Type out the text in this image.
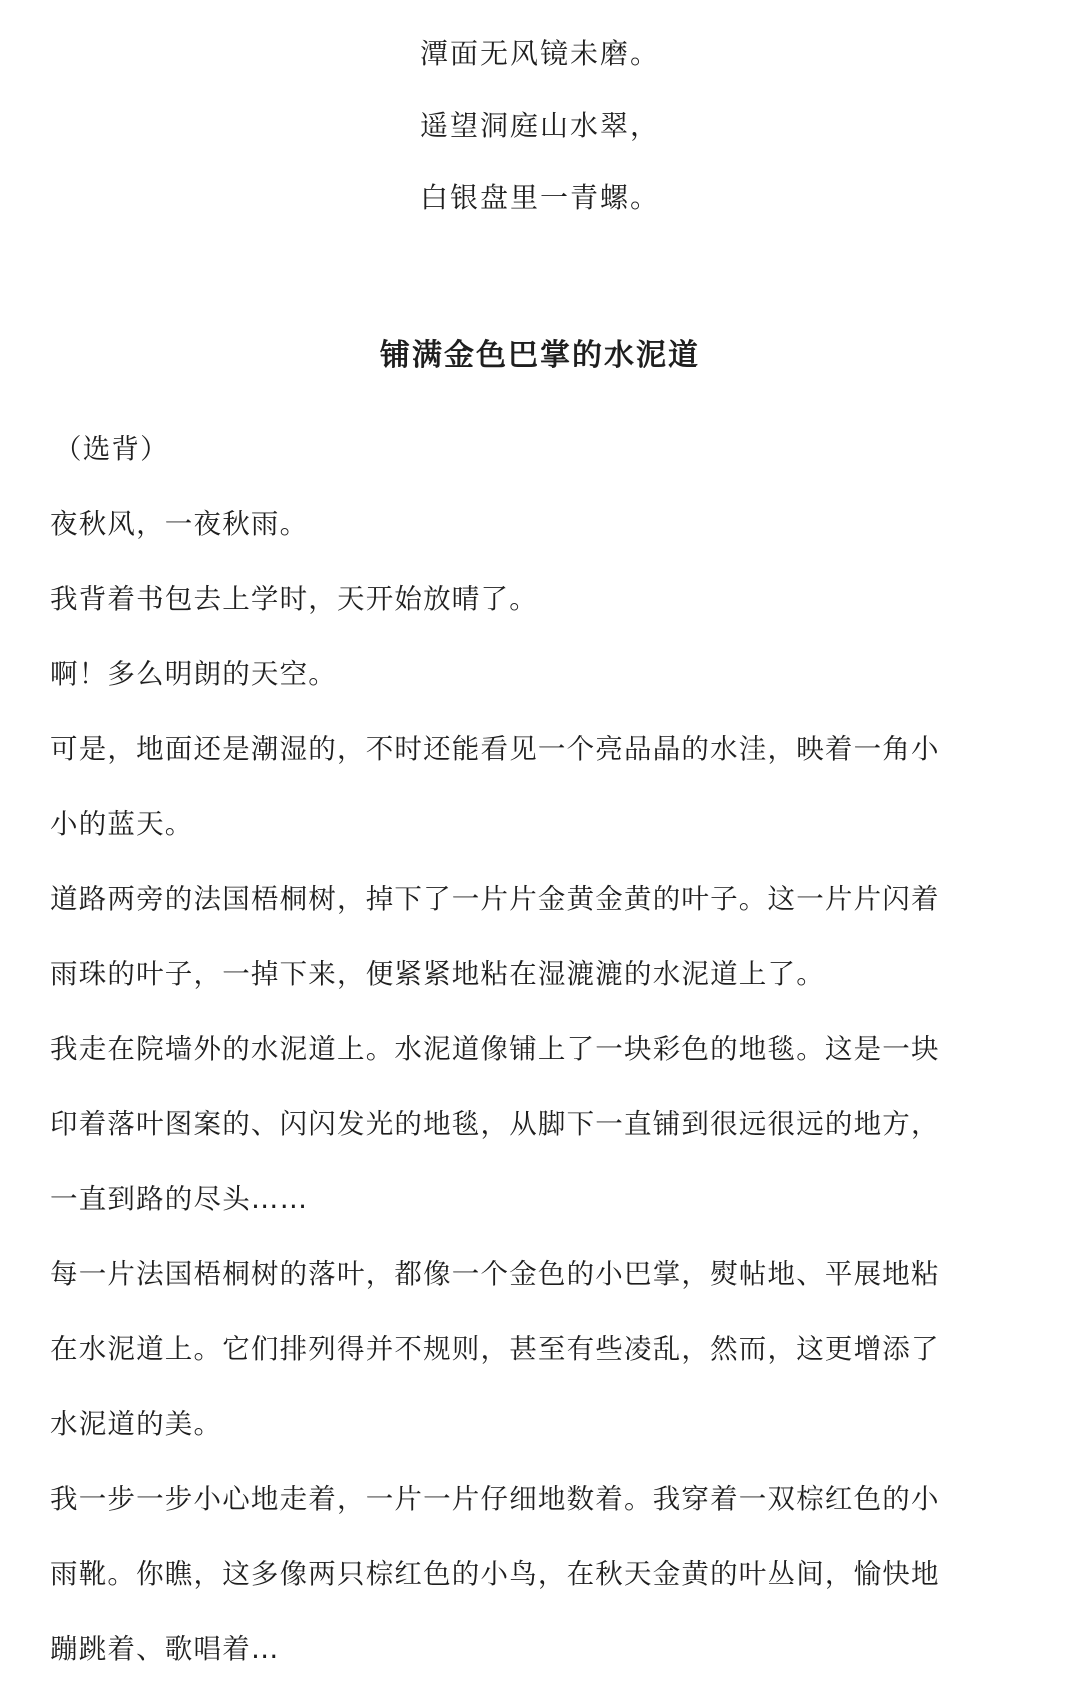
潭面无风镜未磨。
遥望洞庭山水翠，
白银盘里一青螺。
铺满金色巴掌的水泥道
（选背）
夜秋风，一夜秋雨。
我背着书包去上学时，天开始放晴了。
啊！多么明朗的天空。
可是，地面还是潮湿的，不时还能看见一个亮品晶的水洼，映着一角小
小的蓝天。
道路两旁的法国梧桐树，掉下了一片片金黄金黄的叶子。这一片片闪着
雨珠的叶子，一掉下来，便紧紧地粘在湿漉漉的水泥道上了。
我走在院墙外的水泥道上。水泥道像铺上了一块彩色的地毯。这是一块
印着落叶图案的、闪闪发光的地毯，从脚下一直铺到很远很远的地方，
一直到路的尽头……
每一片法国梧桐树的落叶，都像一个金色的小巴掌，熨帖地、平展地粘
在水泥道上。它们排列得并不规则，甚至有些凌乱，然而，这更增添了
水泥道的美。
我一步一步小心地走着，一片一片仔细地数着。我穿着一双棕红色的小
雨靴。你瞧，这多像两只棕红色的小鸟，在秋天金黄的叶丛间，愉快地
蹦跳着、歌唱着…
